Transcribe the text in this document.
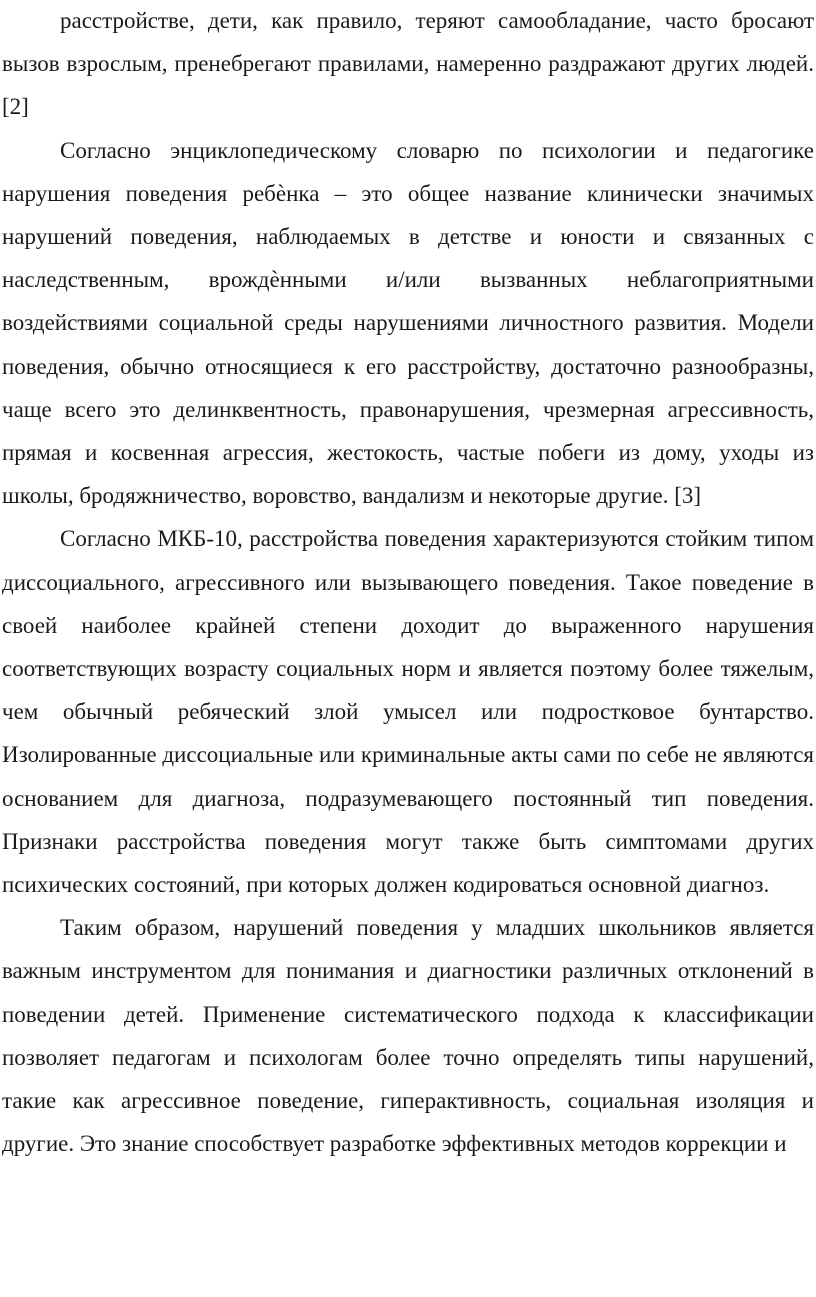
расстройстве, дети, как правило, теряют самообладание, часто бросают вызов взрослым, пренебрегают правилами, намеренно раздражают других людей. [2]

Согласно энциклопедическому словарю по психологии и педагогике нарушения поведения ребѐнка – это общее название клинически значимых нарушений поведения, наблюдаемых в детстве и юности и связанных с наследственным, врождѐнными и/или вызванных неблагоприятными воздействиями социальной среды нарушениями личностного развития. Модели поведения, обычно относящиеся к его расстройству, достаточно разнообразны, чаще всего это делинквентность, правонарушения, чрезмерная агрессивность, прямая и косвенная агрессия, жестокость, частые побеги из дому, уходы из школы, бродяжничество, воровство, вандализм и некоторые другие. [3]

Согласно МКБ-10, расстройства поведения характеризуются стойким типом диссоциального, агрессивного или вызывающего поведения. Такое поведение в своей наиболее крайней степени доходит до выраженного нарушения соответствующих возрасту социальных норм и является поэтому более тяжелым, чем обычный ребяческий злой умысел или подростковое бунтарство. Изолированные диссоциальные или криминальные акты сами по себе не являются основанием для диагноза, подразумевающего постоянный тип поведения. Признаки расстройства поведения могут также быть симптомами других психических состояний, при которых должен кодироваться основной диагноз.

Таким образом, нарушений поведения у младших школьников является важным инструментом для понимания и диагностики различных отклонений в поведении детей. Применение систематического подхода к классификации позволяет педагогам и психологам более точно определять типы нарушений, такие как агрессивное поведение, гиперактивность, социальная изоляция и другие. Это знание способствует разработке эффективных методов коррекции и
